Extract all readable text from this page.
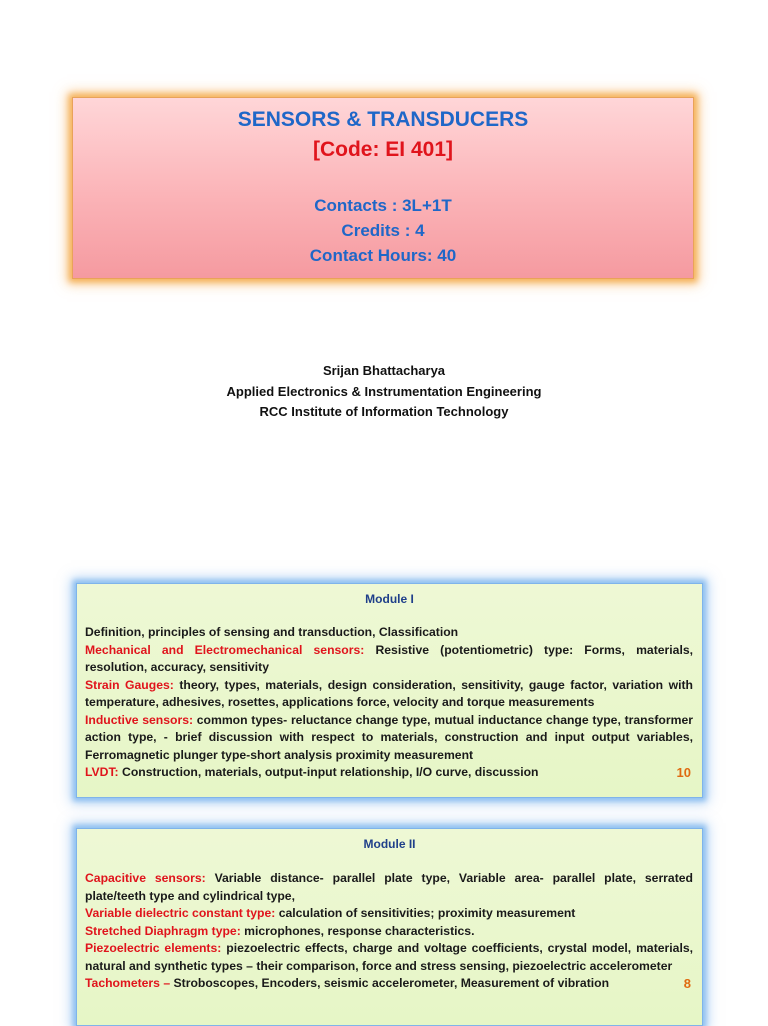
SENSORS & TRANSDUCERS
[Code: EI 401]
Contacts : 3L+1T
Credits : 4
Contact Hours: 40
Srijan Bhattacharya
Applied Electronics & Instrumentation Engineering
RCC Institute of Information Technology
Module I

Definition, principles of sensing and transduction, Classification

Mechanical and Electromechanical sensors: Resistive (potentiometric) type: Forms, materials, resolution, accuracy, sensitivity

Strain Gauges: theory, types, materials, design consideration, sensitivity, gauge factor, variation with temperature, adhesives, rosettes, applications force, velocity and torque measurements

Inductive sensors: common types- reluctance change type, mutual inductance change type, transformer action type, - brief discussion with respect to materials, construction and input output variables, Ferromagnetic plunger type-short analysis proximity measurement

10
LVDT: Construction, materials, output-input relationship, I/O curve, discussion

Module II

Capacitive sensors: Variable distance- parallel plate type, Variable area- parallel plate, serrated plate/teeth type and cylindrical type,

Variable dielectric constant type: calculation of sensitivities; proximity measurement

Stretched Diaphragm type: microphones, response characteristics.

Piezoelectric elements: piezoelectric effects, charge and voltage coefficients, crystal model, materials, natural and synthetic types – their comparison, force and stress sensing, piezoelectric accelerometer

8
Tachometers – Stroboscopes, Encoders, seismic accelerometer, Measurement of vibration
